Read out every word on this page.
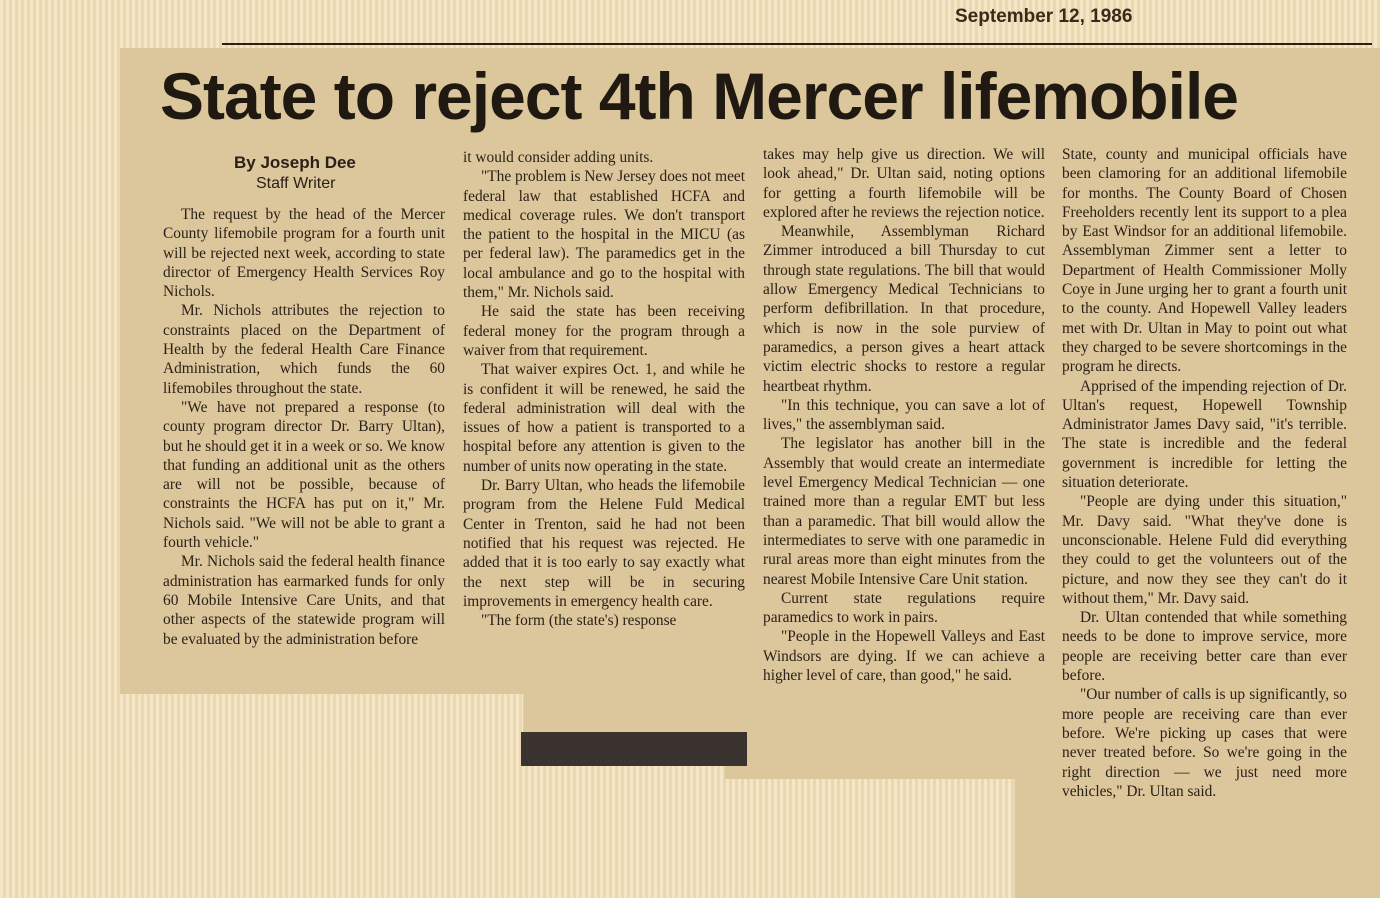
September 12, 1986
State to reject 4th Mercer lifemobile
By Joseph Dee
Staff Writer

The request by the head of the Mercer County lifemobile program for a fourth unit will be rejected next week, according to state director of Emergency Health Services Roy Nichols.

Mr. Nichols attributes the rejection to constraints placed on the Department of Health by the federal Health Care Finance Administration, which funds the 60 lifemobiles throughout the state.

"We have not prepared a response (to county program director Dr. Barry Ultan), but he should get it in a week or so. We know that funding an additional unit as the others are will not be possible, because of constraints the HCFA has put on it," Mr. Nichols said. "We will not be able to grant a fourth vehicle."

Mr. Nichols said the federal health finance administration has earmarked funds for only 60 Mobile Intensive Care Units, and that other aspects of the statewide program will be evaluated by the administration before

it would consider adding units.

"The problem is New Jersey does not meet federal law that established HCFA and medical coverage rules. We don't transport the patient to the hospital in the MICU (as per federal law). The paramedics get in the local ambulance and go to the hospital with them," Mr. Nichols said.

He said the state has been receiving federal money for the program through a waiver from that requirement.

That waiver expires Oct. 1, and while he is confident it will be renewed, he said the federal administration will deal with the issues of how a patient is transported to a hospital before any attention is given to the number of units now operating in the state.

Dr. Barry Ultan, who heads the lifemobile program from the Helene Fuld Medical Center in Trenton, said he had not been notified that his request was rejected. He added that it is too early to say exactly what the next step will be in securing improvements in emergency health care.

"The form (the state's) response

takes may help give us direction. We will look ahead," Dr. Ultan said, noting options for getting a fourth lifemobile will be explored after he reviews the rejection notice.

Meanwhile, Assemblyman Richard Zimmer introduced a bill Thursday to cut through state regulations. The bill that would allow Emergency Medical Technicians to perform defibrillation. In that procedure, which is now in the sole purview of paramedics, a person gives a heart attack victim electric shocks to restore a regular heartbeat rhythm.

"In this technique, you can save a lot of lives," the assemblyman said.

The legislator has another bill in the Assembly that would create an intermediate level Emergency Medical Technician — one trained more than a regular EMT but less than a paramedic. That bill would allow the intermediates to serve with one paramedic in rural areas more than eight minutes from the nearest Mobile Intensive Care Unit station.

Current state regulations require paramedics to work in pairs.

"People in the Hopewell Valleys and East Windsors are dying. If we can achieve a higher level of care, than good," he said.

State, county and municipal officials have been clamoring for an additional lifemobile for months. The County Board of Chosen Freeholders recently lent its support to a plea by East Windsor for an additional lifemobile. Assemblyman Zimmer sent a letter to Department of Health Commissioner Molly Coye in June urging her to grant a fourth unit to the county. And Hopewell Valley leaders met with Dr. Ultan in May to point out what they charged to be severe shortcomings in the program he directs.

Apprised of the impending rejection of Dr. Ultan's request, Hopewell Township Administrator James Davy said, "it's terrible. The state is incredible and the federal government is incredible for letting the situation deteriorate.

"People are dying under this situation," Mr. Davy said. "What they've done is unconscionable. Helene Fuld did everything they could to get the volunteers out of the picture, and now they see they can't do it without them," Mr. Davy said.

Dr. Ultan contended that while something needs to be done to improve service, more people are receiving better care than ever before.

"Our number of calls is up significantly, so more people are receiving care than ever before. We're picking up cases that were never treated before. So we're going in the right direction — we just need more vehicles," Dr. Ultan said.
